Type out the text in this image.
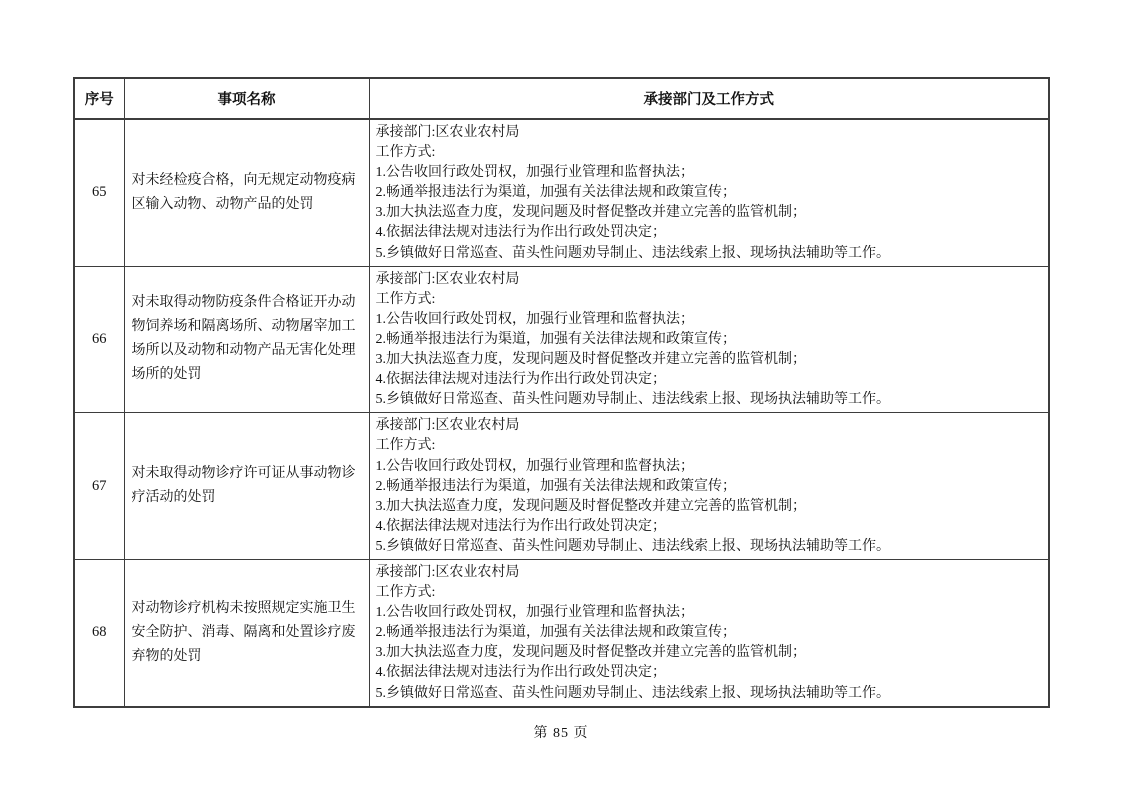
序号	事项名称	承接部门及工作方式
65	对未经检疫合格，向无规定动物疫病区输入动物、动物产品的处罚	
承接部门:区农业农村局
工作方式:
1.公告收回行政处罚权，加强行业管理和监督执法；
2.畅通举报违法行为渠道，加强有关法律法规和政策宣传；
3.加大执法巡查力度，发现问题及时督促整改并建立完善的监管机制；
4.依据法律法规对违法行为作出行政处罚决定；
5.乡镇做好日常巡查、苗头性问题劝导制止、违法线索上报、现场执法辅助等工作。

66	对未取得动物防疫条件合格证开办动物饲养场和隔离场所、动物屠宰加工场所以及动物和动物产品无害化处理场所的处罚	
承接部门:区农业农村局
工作方式:
1.公告收回行政处罚权，加强行业管理和监督执法；
2.畅通举报违法行为渠道，加强有关法律法规和政策宣传；
3.加大执法巡查力度，发现问题及时督促整改并建立完善的监管机制；
4.依据法律法规对违法行为作出行政处罚决定；
5.乡镇做好日常巡查、苗头性问题劝导制止、违法线索上报、现场执法辅助等工作。

67	对未取得动物诊疗许可证从事动物诊疗活动的处罚	
承接部门:区农业农村局
工作方式:
1.公告收回行政处罚权，加强行业管理和监督执法；
2.畅通举报违法行为渠道，加强有关法律法规和政策宣传；
3.加大执法巡查力度，发现问题及时督促整改并建立完善的监管机制；
4.依据法律法规对违法行为作出行政处罚决定；
5.乡镇做好日常巡查、苗头性问题劝导制止、违法线索上报、现场执法辅助等工作。

68	对动物诊疗机构未按照规定实施卫生安全防护、消毒、隔离和处置诊疗废弃物的处罚	
承接部门:区农业农村局
工作方式:
1.公告收回行政处罚权，加强行业管理和监督执法；
2.畅通举报违法行为渠道，加强有关法律法规和政策宣传；
3.加大执法巡查力度，发现问题及时督促整改并建立完善的监管机制；
4.依据法律法规对违法行为作出行政处罚决定；
5.乡镇做好日常巡查、苗头性问题劝导制止、违法线索上报、现场执法辅助等工作。
第 85 页
